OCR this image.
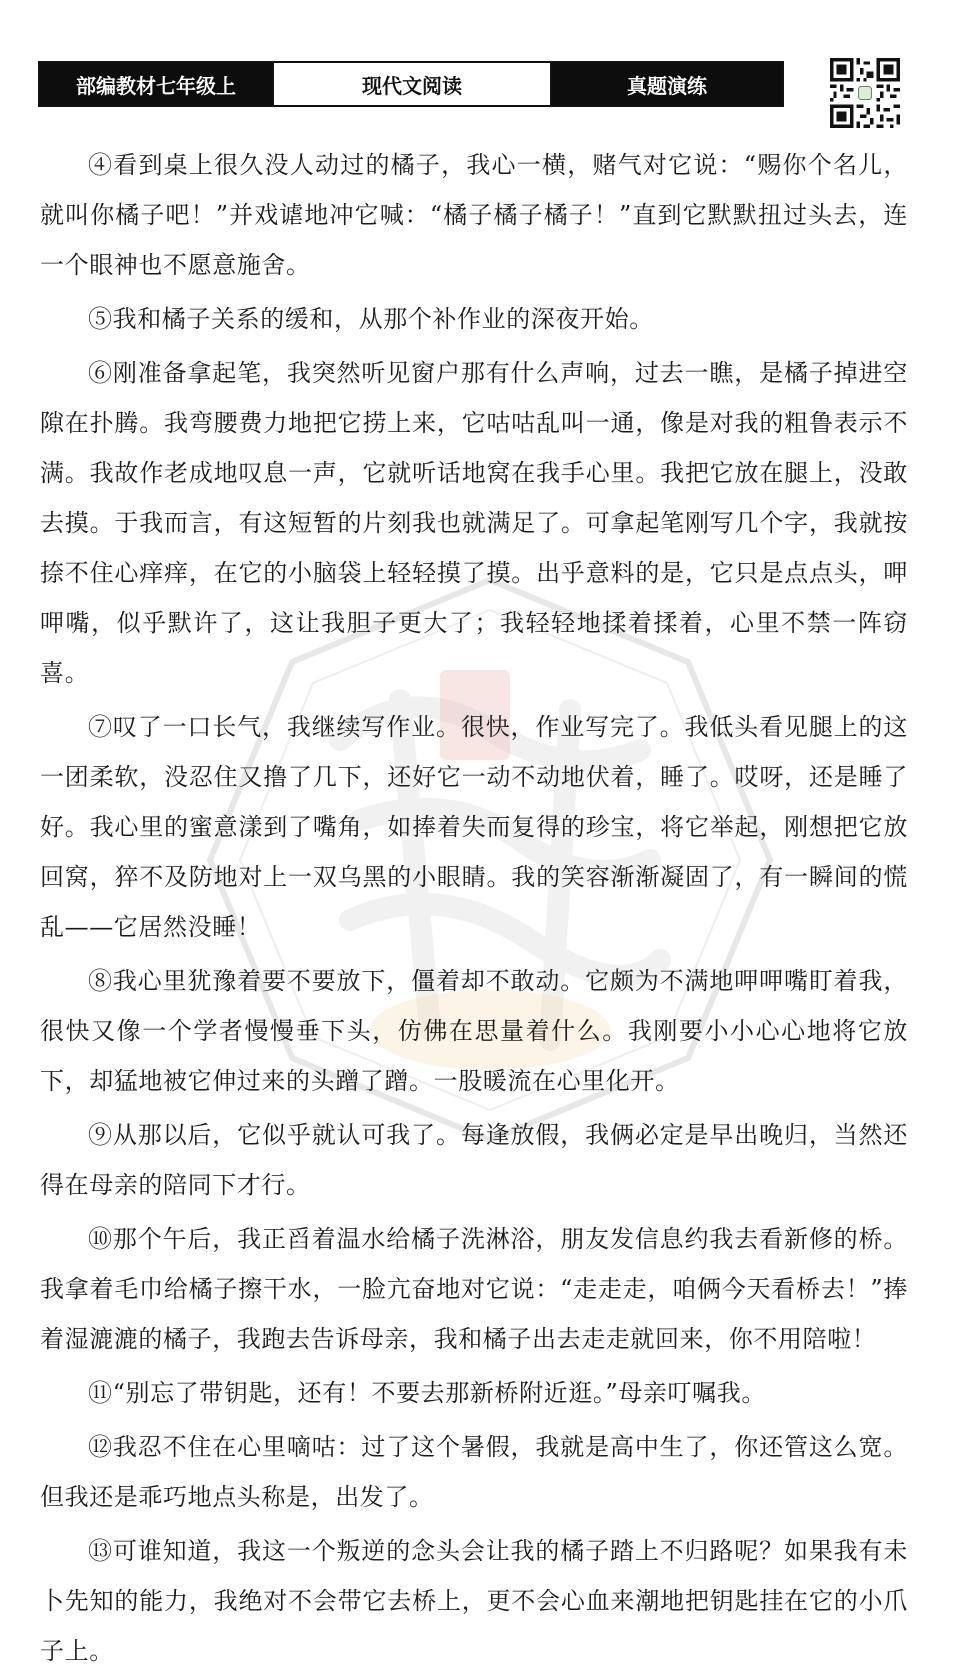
部编教材七年级上	现代文阅读	真题演练

④看到桌上很久没人动过的橘子，我心一横，赌气对它说：“赐你个名儿，就叫你橘子吧！”并戏谑地冲它喊：“橘子橘子橘子！”直到它默默扭过头去，连一个眼神也不愿意施舍。

⑤我和橘子关系的缓和，从那个补作业的深夜开始。

⑥刚准备拿起笔，我突然听见窗户那有什么声响，过去一瞧，是橘子掉进空隙在扑腾。我弯腰费力地把它捞上来，它咕咕乱叫一通，像是对我的粗鲁表示不满。我故作老成地叹息一声，它就听话地窝在我手心里。我把它放在腿上，没敢去摸。于我而言，有这短暂的片刻我也就满足了。可拿起笔刚写几个字，我就按捺不住心痒痒，在它的小脑袋上轻轻摸了摸。出乎意料的是，它只是点点头，呷呷嘴，似乎默许了，这让我胆子更大了；我轻轻地揉着揉着，心里不禁一阵窃喜。

⑦叹了一口长气，我继续写作业。很快，作业写完了。我低头看见腿上的这一团柔软，没忍住又撸了几下，还好它一动不动地伏着，睡了。哎呀，还是睡了好。我心里的蜜意漾到了嘴角，如捧着失而复得的珍宝，将它举起，刚想把它放回窝，猝不及防地对上一双乌黑的小眼睛。我的笑容渐渐凝固了，有一瞬间的慌乱——它居然没睡！

⑧我心里犹豫着要不要放下，僵着却不敢动。它颇为不满地呷呷嘴盯着我，很快又像一个学者慢慢垂下头，仿佛在思量着什么。我刚要小小心心地将它放下，却猛地被它伸过来的头蹭了蹭。一股暖流在心里化开。

⑨从那以后，它似乎就认可我了。每逢放假，我俩必定是早出晚归，当然还得在母亲的陪同下才行。

⑩那个午后，我正舀着温水给橘子洗淋浴，朋友发信息约我去看新修的桥。我拿着毛巾给橘子擦干水，一脸亢奋地对它说：“走走走，咱俩今天看桥去！”捧着湿漉漉的橘子，我跑去告诉母亲，我和橘子出去走走就回来，你不用陪啦！

⑪“别忘了带钥匙，还有！不要去那新桥附近逛。”母亲叮嘱我。

⑫我忍不住在心里嘀咕：过了这个暑假，我就是高中生了，你还管这么宽。但我还是乖巧地点头称是，出发了。

⑬可谁知道，我这一个叛逆的念头会让我的橘子踏上不归路呢？如果我有未卜先知的能力，我绝对不会带它去桥上，更不会心血来潮地把钥匙挂在它的小爪子上。
